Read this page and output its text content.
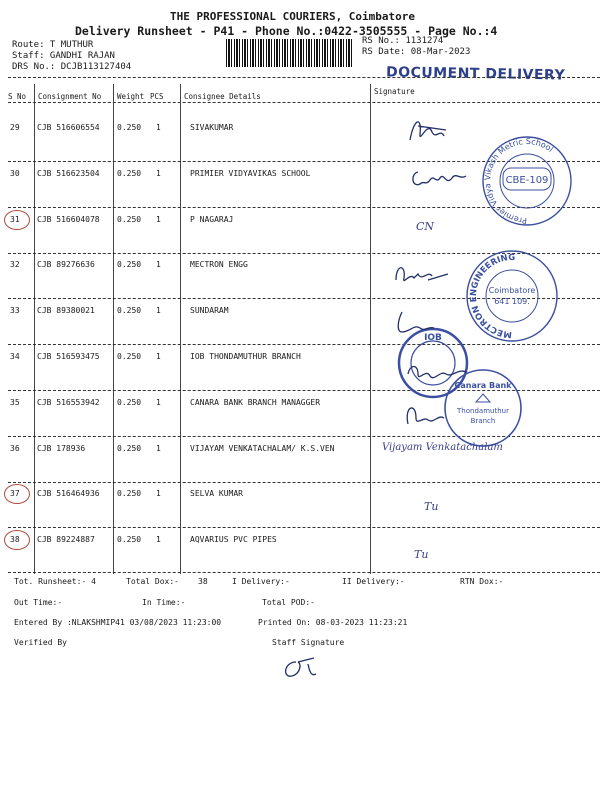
THE PROFESSIONAL COURIERS, Coimbatore
Delivery Runsheet - P41 - Phone No.:0422-3505555 - Page No.:4
Route: T MUTHUR
Staff: GANDHI RAJAN
DRS No.: DCJB113127404
RS No.: 1131274
RS Date: 08-Mar-2023
DOCUMENT DELIVERY
S No Consignment No Weight PCS	Consignee Details
Signature
29 CJB 516606554 0.250 1	SIVAKUMAR
30 CJB 516623504 0.250 1	PRIMIER VIDYAVIKAS SCHOOL
31 CJB 516604078 0.250 1	P NAGARAJ
32 CJB 89276636	0.250 1	MECTRON ENGG
33 CJB 89380021	0.250 1	SUNDARAM
34 CJB 516593475 0.250 1	IOB THONDAMUTHUR BRANCH
35 CJB 516553942 0.250 1	CANARA BANK BRANCH MANAGGER
36 CJB 178936	0.250 1	VIJAYAM VENKATACHALAM/ K.S.VEN
37 CJB 516464936 0.250 1	SELVA KUMAR
38 CJB 89224887	0.250 1	AQVARIUS PVC PIPES
Premier Vidya Vikash Metric School
CBE-109
MECTRON ENGINEERING
Coimbatore
641 109.
IOB
Canara Bank
Thondamuthur
Branch
CN
Vijayam Venkatachalam
Tu
Tu
Tot. Runsheet:- 4	Total Dox:- 38	I Delivery:-	II Delivery:-	RTN Dox:-
Out Time:-	In Time:-	Total POD:-
Entered By :NLAKSHMIP41 03/08/2023 11:23:00	Printed On: 08-03-2023 11:23:21
Verified By	Staff Signature
